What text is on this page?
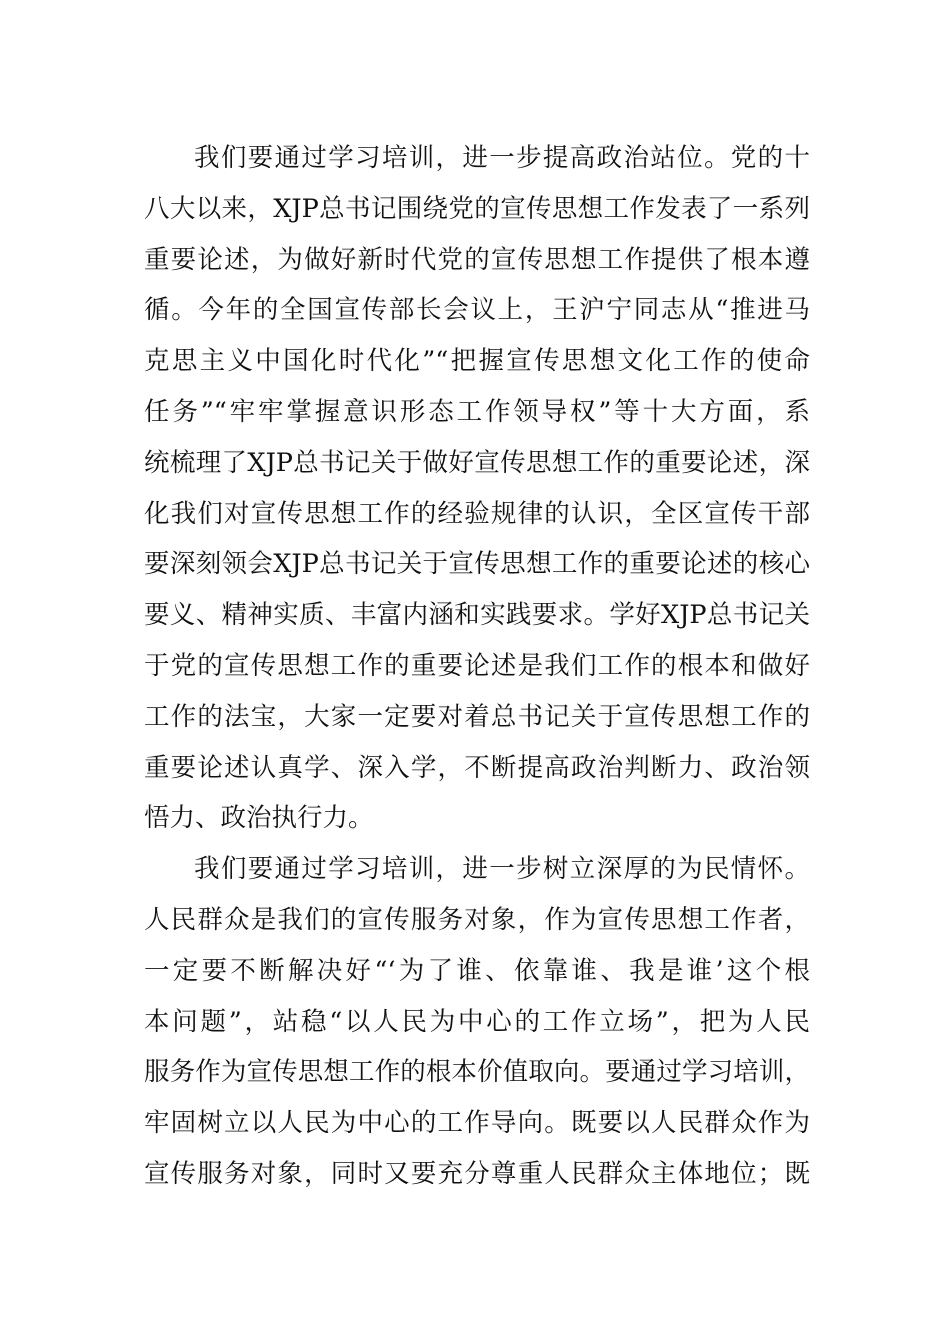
我们要通过学习培训，进一步提高政治站位。党的十
八大以来，XJP总书记围绕党的宣传思想工作发表了一系列
重要论述，为做好新时代党的宣传思想工作提供了根本遵
循。今年的全国宣传部长会议上，王沪宁同志从“推进马
克思主义中国化时代化”“把握宣传思想文化工作的使命
任务”“牢牢掌握意识形态工作领导权”等十大方面，系
统梳理了XJP总书记关于做好宣传思想工作的重要论述，深
化我们对宣传思想工作的经验规律的认识，全区宣传干部
要深刻领会XJP总书记关于宣传思想工作的重要论述的核心
要义、精神实质、丰富内涵和实践要求。学好XJP总书记关
于党的宣传思想工作的重要论述是我们工作的根本和做好
工作的法宝，大家一定要对着总书记关于宣传思想工作的
重要论述认真学、深入学，不断提高政治判断力、政治领
悟力、政治执行力。
我们要通过学习培训，进一步树立深厚的为民情怀。
人民群众是我们的宣传服务对象，作为宣传思想工作者，
一定要不断解决好“‘为了谁、依靠谁、我是谁’这个根
本问题”，站稳“以人民为中心的工作立场”，把为人民
服务作为宣传思想工作的根本价值取向。要通过学习培训，
牢固树立以人民为中心的工作导向。既要以人民群众作为
宣传服务对象，同时又要充分尊重人民群众主体地位；既
